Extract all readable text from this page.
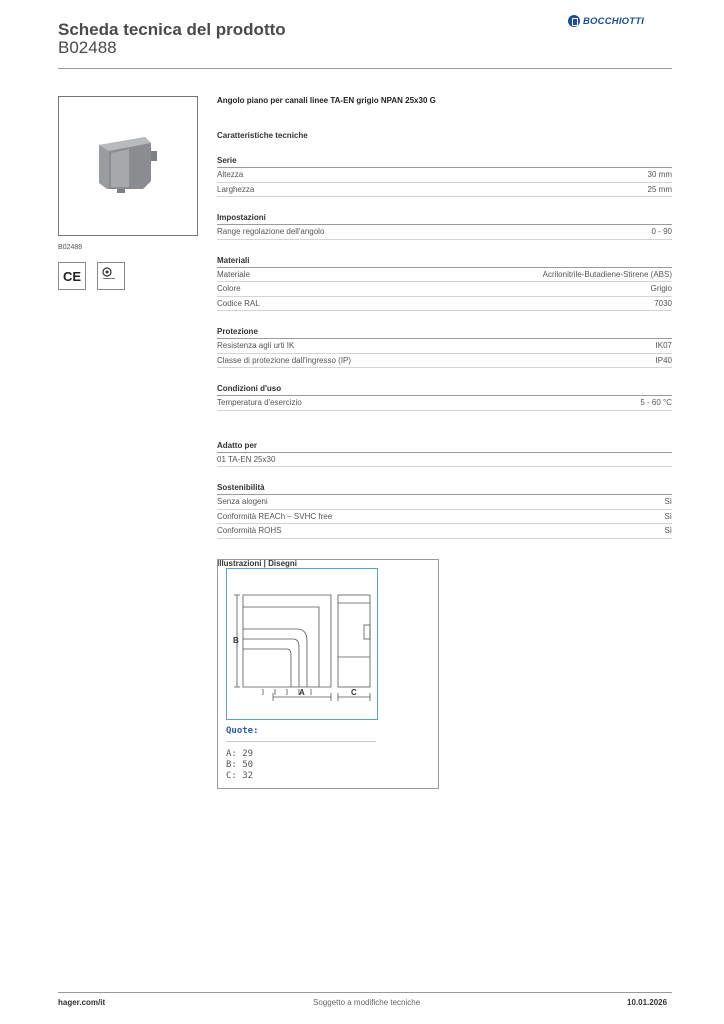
Scheda tecnica del prodotto
B02488
BOCCHIOTTI
B02488
CE
Angolo piano per canali linee TA-EN grigio NPAN 25x30 G
Caratteristiche tecniche
Serie
Altezza	30 mm
Larghezza	25 mm
Impostazioni
Range regolazione dell'angolo	0 - 90
Materiali
Materiale	Acrilonitrile-Butadiene-Stirene (ABS)
Colore	Grigio
Codice RAL	7030
Protezione
Resistenza agli urti IK	IK07
Classe di protezione dall'ingresso (IP)	IP40
Condizioni d'uso
Temperatura d'esercizio	5 - 60 °C
Adatto per
01 TA-EN 25x30
Sostenibilità
Senza alogeni	Sì
Conformità REACh – SVHC free	Sì
Conformità ROHS	Sì
Illustrazioni | Disegni
B
A	C
Quote:
A: 29
B: 50
C: 32
hager.com/it	Soggetto a modifiche tecniche	10.01.2026
